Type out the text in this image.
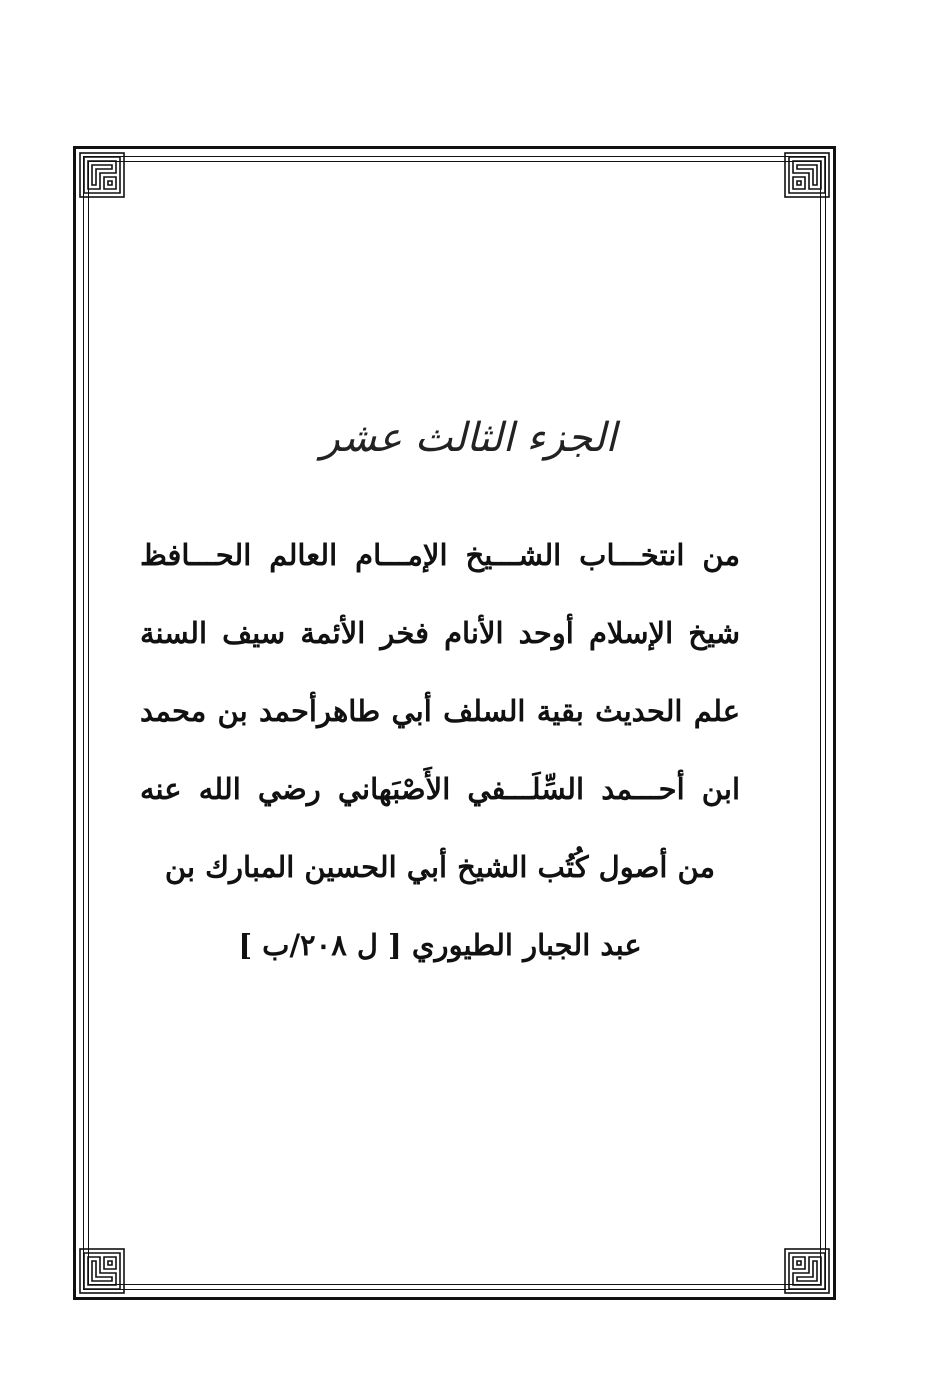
الجزء الثالث عشر
من انتخـــاب الشـــيخ الإمـــام العالم الحـــافظ
شيخ الإسلام أوحد الأنام فخر الأئمة سيف السنة
علم الحديث بقية السلف أبي طاهرأحمد بن محمد
ابن أحـــمد السِّلَـــفي الأَصْبَهاني رضي الله عنه
من أصول كُتُب الشيخ أبي الحسين المبارك بن
عبد الجبار الطيوري [ ل ٢٠٨/ب ]
